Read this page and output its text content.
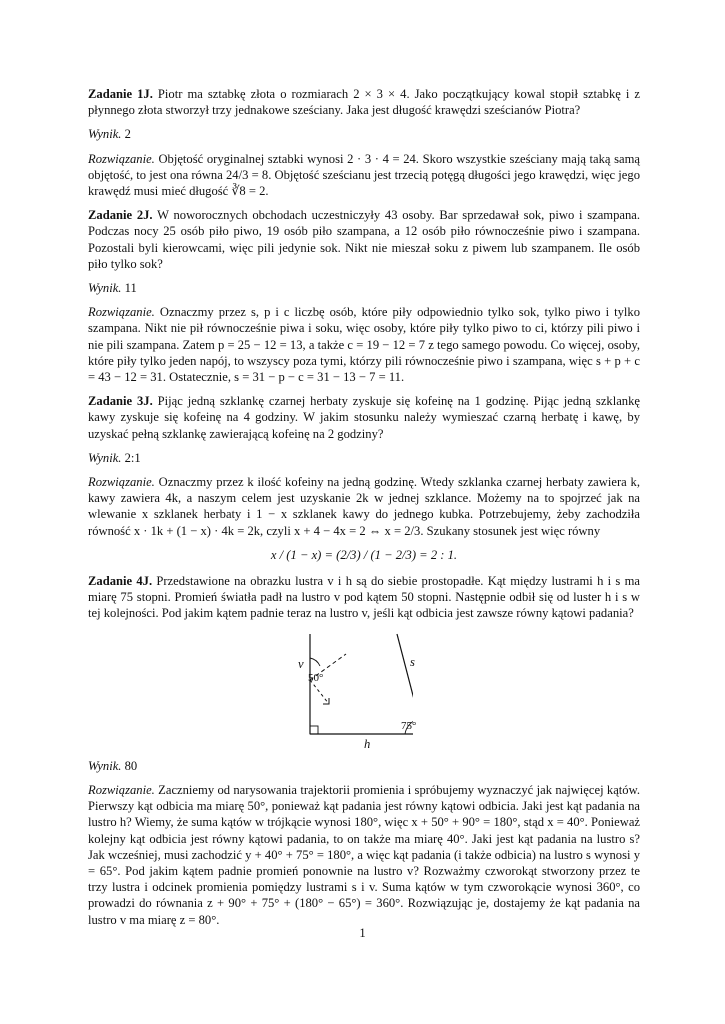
Zadanie 1J. Piotr ma sztabkę złota o rozmiarach 2 × 3 × 4. Jako początkujący kowal stopił sztabkę i z płynnego złota stworzył trzy jednakowe sześciany. Jaka jest długość krawędzi sześcianów Piotra?

Wynik. 2

Rozwiązanie. Objętość oryginalnej sztabki wynosi 2 · 3 · 4 = 24. Skoro wszystkie sześciany mają taką samą objętość, to jest ona równa 24/3 = 8. Objętość sześcianu jest trzecią potęgą długości jego krawędzi, więc jego krawędź musi mieć długość ∛8 = 2.

Zadanie 2J. W noworocznych obchodach uczestniczyły 43 osoby. Bar sprzedawał sok, piwo i szampana. Podczas nocy 25 osób piło piwo, 19 osób piło szampana, a 12 osób piło równocześnie piwo i szampana. Pozostali byli kierowcami, więc pili jedynie sok. Nikt nie mieszał soku z piwem lub szampanem. Ile osób piło tylko sok?

Wynik. 11

Rozwiązanie. Oznaczmy przez s, p i c liczbę osób, które piły odpowiednio tylko sok, tylko piwo i tylko szampana. Nikt nie pił równocześnie piwa i soku, więc osoby, które piły tylko piwo to ci, którzy pili piwo i nie pili szampana. Zatem p = 25 − 12 = 13, a także c = 19 − 12 = 7 z tego samego powodu. Co więcej, osoby, które piły tylko jeden napój, to wszyscy poza tymi, którzy pili równocześnie piwo i szampana, więc s + p + c = 43 − 12 = 31. Ostatecznie, s = 31 − p − c = 31 − 13 − 7 = 11.

Zadanie 3J. Pijąc jedną szklankę czarnej herbaty zyskuje się kofeinę na 1 godzinę. Pijąc jedną szklankę kawy zyskuje się kofeinę na 4 godziny. W jakim stosunku należy wymieszać czarną herbatę i kawę, by uzyskać pełną szklankę zawierającą kofeinę na 2 godziny?

Wynik. 2:1

Rozwiązanie. Oznaczmy przez k ilość kofeiny na jedną godzinę. Wtedy szklanka czarnej herbaty zawiera k, kawy zawiera 4k, a naszym celem jest uzyskanie 2k w jednej szklance. Możemy na to spojrzeć jak na wlewanie x szklanek herbaty i 1 − x szklanek kawy do jednego kubka. Potrzebujemy, żeby zachodziła równość x · 1k + (1 − x) · 4k = 2k, czyli x + 4 − 4x = 2 ⇔ x = 2/3. Szukany stosunek jest więc równy

x / (1 − x) = (2/3) / (1 − 2/3) = 2 : 1.

Zadanie 4J. Przedstawione na obrazku lustra v i h są do siebie prostopadłe. Kąt między lustrami h i s ma miarę 75 stopni. Promień światła padł na lustro v pod kątem 50 stopni. Następnie odbił się od luster h i s w tej kolejności. Pod jakim kątem padnie teraz na lustro v, jeśli kąt odbicia jest zawsze równy kątowi padania?

v
50°
s
75°
h

Wynik. 80

Rozwiązanie. Zaczniemy od narysowania trajektorii promienia i spróbujemy wyznaczyć jak najwięcej kątów. Pierwszy kąt odbicia ma miarę 50°, ponieważ kąt padania jest równy kątowi odbicia. Jaki jest kąt padania na lustro h? Wiemy, że suma kątów w trójkącie wynosi 180°, więc x + 50° + 90° = 180°, stąd x = 40°. Ponieważ kolejny kąt odbicia jest równy kątowi padania, to on także ma miarę 40°. Jaki jest kąt padania na lustro s? Jak wcześniej, musi zachodzić y + 40° + 75° = 180°, a więc kąt padania (i także odbicia) na lustro s wynosi y = 65°. Pod jakim kątem padnie promień ponownie na lustro v? Rozważmy czworokąt stworzony przez te trzy lustra i odcinek promienia pomiędzy lustrami s i v. Suma kątów w tym czworokącie wynosi 360°, co prowadzi do równania z + 90° + 75° + (180° − 65°) = 360°. Rozwiązując je, dostajemy że kąt padania na lustro v ma miarę z = 80°.

1
